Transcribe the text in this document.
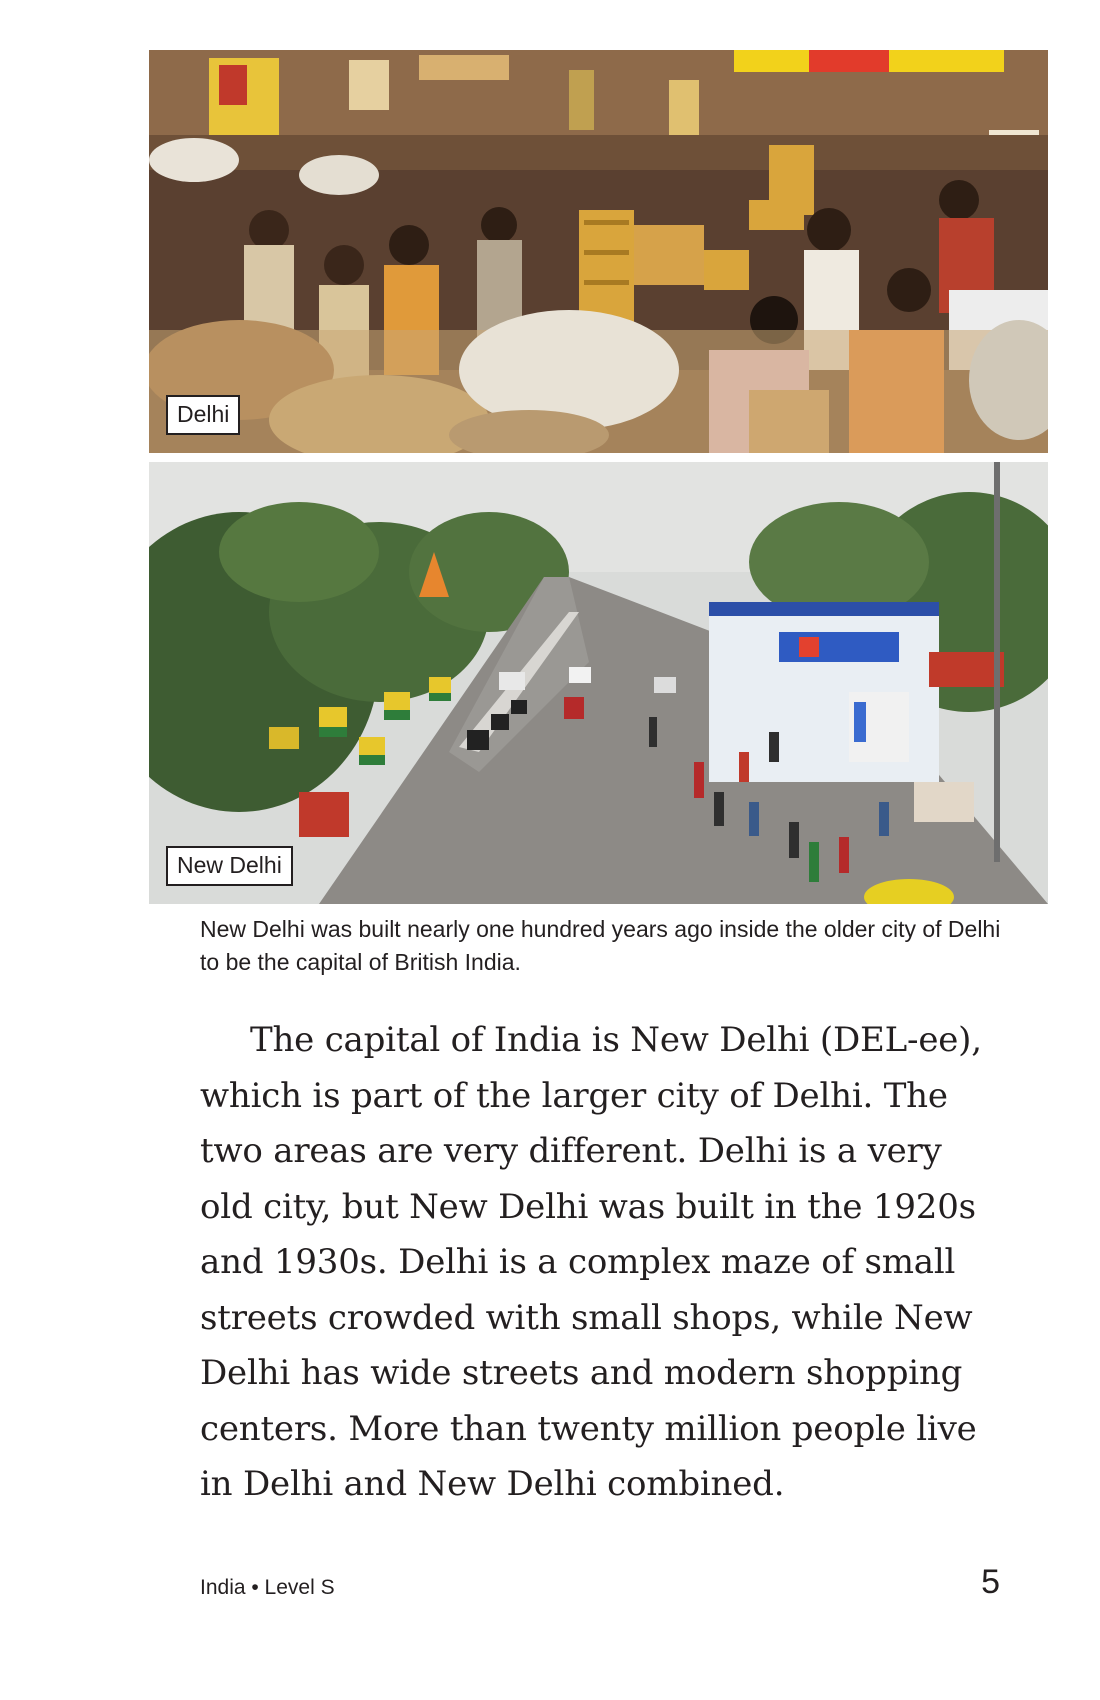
Delhi
New Delhi

New Delhi was built nearly one hundred years ago inside the older city of Delhi to be the capital of British India.

The capital of India is New Delhi (DEL-ee), which is part of the larger city of Delhi. The two areas are very different. Delhi is a very old city, but New Delhi was built in the 1920s and 1930s. Delhi is a complex maze of small streets crowded with small shops, while New Delhi has wide streets and modern shopping centers. More than twenty million people live in Delhi and New Delhi combined.

India • Level S	5
